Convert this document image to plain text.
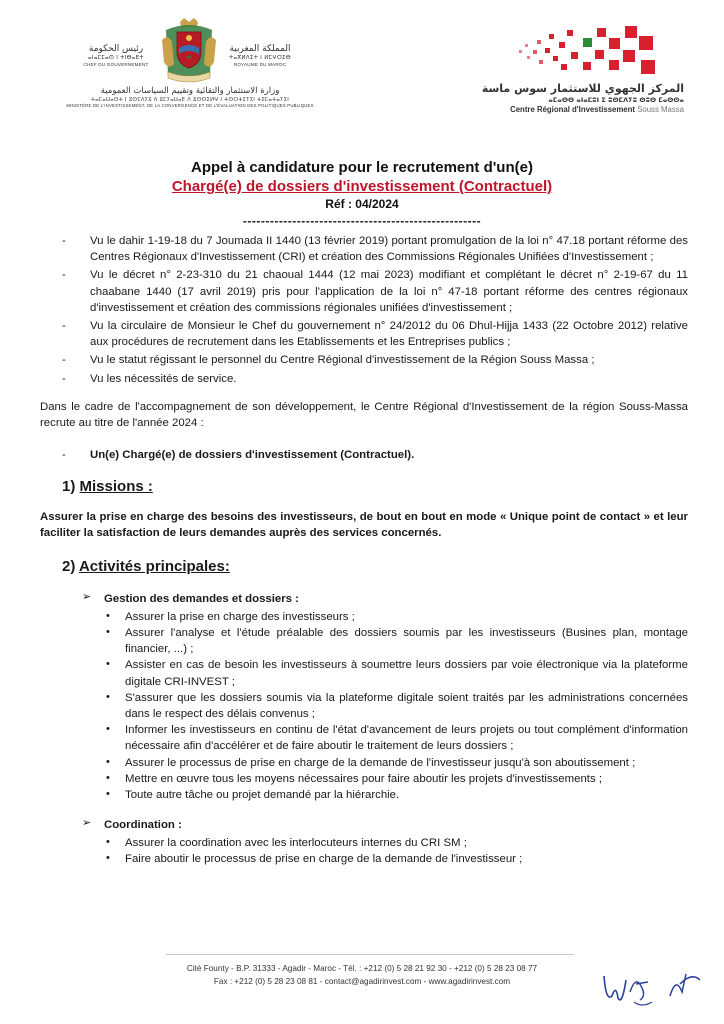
رئيس الحكومة
ⴰⵏⴰⵎⵎⴰⵙ ⵏ ⵜⵏⴱⴰⴹⵜ
CHEF DU GOUVERNEMENT
المملكة المغربية
ⵜⴰⴳⵍⴷⵉⵜ ⵏ ⵍⵎⵖⵔⵉⴱ
ROYAUME DU MAROC
وزارة الاستثمار والتقائية وتقييم السياسات العمومية
ⵜⴰⵎⴰⵡⴰⵙⵜ ⵏ ⵓⵙⵎⴷⵢⵓ ⴷ ⵓⵎⵢⴰⵡⴰⴹ ⴷ ⵓⵙⵙⵉⵍⵖ ⵏ ⵜⵙⵔⵜⵉⵢⵉⵏ ⵜⵉⵎⴰⵜⴰⵢⵉⵏ
MINISTÈRE DE L'INVESTISSEMENT, DE LA CONVERGENCE ET DE L'ÉVALUATION DES POLITIQUES PUBLIQUES
المركز الجهوي للاستثمار سوس ماسة
ⴰⵎⴰⵙⵙ ⴰⵏⴰⵎⵓⵏ ⵉ ⵓⵙⵎⴷⵢⵓ ⵙⵓⵙ ⵎⴰⵙⵙⴰ
Centre Régional d'Investissement Souss Massa
Appel à candidature pour le recrutement d'un(e)
Chargé(e) de dossiers d'investissement (Contractuel)
Réf : 04/2024
-----------------------------------------------------
- Vu le dahir 1-19-18 du 7 Joumada II 1440 (13 février 2019) portant promulgation de la loi n° 47.18 portant réforme des Centres Régionaux d'Investissement (CRI) et création des Commissions Régionales Unifiées d'Investissement ;
- Vu le décret n° 2-23-310 du 21 chaoual 1444 (12 mai 2023) modifiant et complétant le décret n° 2-19-67 du 11 chaabane 1440 (17 avril 2019) pris pour l'application de la loi n° 47-18 portant réforme des centres régionaux d'investissement et création des commissions régionales unifiées d'investissement ;
- Vu la circulaire de Monsieur le Chef du gouvernement n° 24/2012 du 06 Dhul-Hijja 1433 (22 Octobre 2012) relative aux procédures de recrutement dans les Etablissements et les Entreprises publics ;
- Vu le statut régissant le personnel du Centre Régional d'investissement de la Région Souss Massa ;
- Vu les nécessités de service.

Dans le cadre de l'accompagnement de son développement, le Centre Régional d'Investissement de la région Souss-Massa recrute au titre de l'année 2024 :

- Un(e) Chargé(e) de dossiers d'investissement (Contractuel).
1) Missions :

Assurer la prise en charge des besoins des investisseurs, de bout en bout en mode « Unique point de contact » et leur faciliter la satisfaction de leurs demandes auprès des services concernés.

2) Activités principales:
➢ Gestion des demandes et dossiers :
• Assurer la prise en charge des investisseurs ;
• Assurer l'analyse et l'étude préalable des dossiers soumis par les investisseurs (Busines plan, montage financier, ...) ;
• Assister en cas de besoin les investisseurs à soumettre leurs dossiers par voie électronique via la plateforme digitale CRI-INVEST ;
• S'assurer que les dossiers soumis via la plateforme digitale soient traités par les administrations concernées dans le respect des délais convenus ;
• Informer les investisseurs en continu de l'état d'avancement de leurs projets ou tout complément d'information nécessaire afin d'accélérer et de faire aboutir le traitement de leurs dossiers ;
• Assurer le processus de prise en charge de la demande de l'investisseur jusqu'à son aboutissement ;
• Mettre en œuvre tous les moyens nécessaires pour faire aboutir les projets d'investissements ;
• Toute autre tâche ou projet demandé par la hiérarchie.
➢ Coordination :
• Assurer la coordination avec les interlocuteurs internes du CRI SM ;
• Faire aboutir le processus de prise en charge de la demande de l'investisseur ;
Cité Founty - B.P. 31333 - Agadir - Maroc - Tél. : +212 (0) 5 28 21 92 30 - +212 (0) 5 28 23 08 77
Fax : +212 (0) 5 28 23 08 81 - contact@agadirinvest.com - www.agadirinvest.com
